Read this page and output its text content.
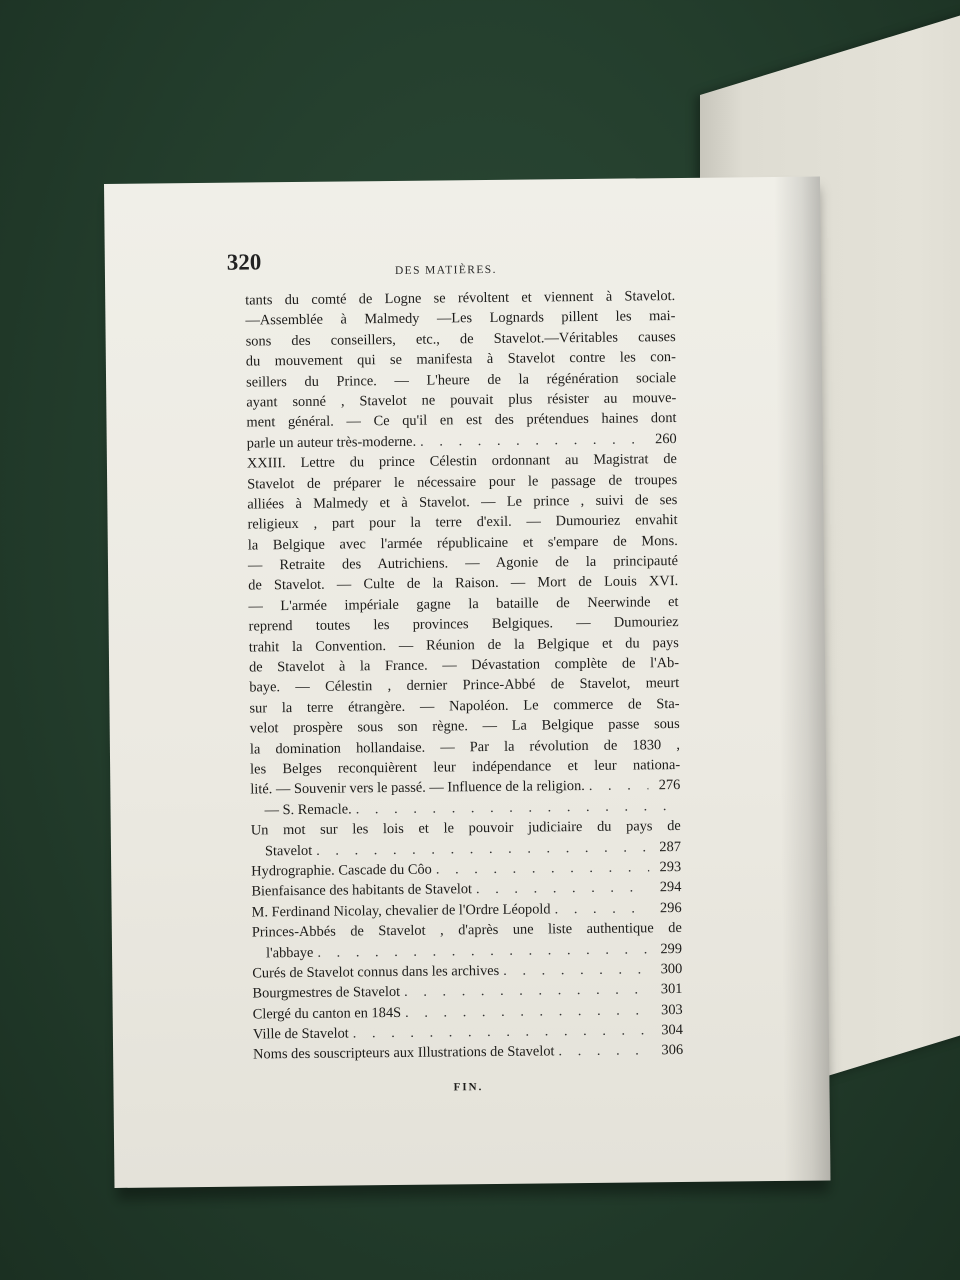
320	DES MATIÈRES.
tants du comté de Logne se révoltent et viennent à Stavelot.
—Assemblée à Malmedy —Les Lognards pillent les mai-
sons des conseillers, etc., de Stavelot.—Véritables causes
du mouvement qui se manifesta à Stavelot contre les con-
seillers du Prince. — L'heure de la régénération sociale
ayant sonné , Stavelot ne pouvait plus résister au mouve-
ment général. — Ce qu'il en est des prétendues haines dont
parle un auteur très-moderne. . . .	260
XXIII. Lettre du prince Célestin ordonnant au Magistrat de
Stavelot de préparer le nécessaire pour le passage de troupes
alliées à Malmedy et à Stavelot. — Le prince , suivi de ses
religieux , part pour la terre d'exil. — Dumouriez envahit
la Belgique avec l'armée républicaine et s'empare de Mons.
— Retraite des Autrichiens. — Agonie de la principauté
de Stavelot. — Culte de la Raison. — Mort de Louis XVI.
— L'armée impériale gagne la bataille de Neerwinde et
reprend toutes les provinces Belgiques. — Dumouriez
trahit la Convention. — Réunion de la Belgique et du pays
de Stavelot à la France. — Dévastation complète de l'Ab-
baye. — Célestin , dernier Prince-Abbé de Stavelot, meurt
sur la terre étrangère. — Napoléon. Le commerce de Sta-
velot prospère sous son règne. — La Belgique passe sous
la domination hollandaise. — Par la révolution de 1830 ,
les Belges reconquièrent leur indépendance et leur nationa-
lité. — Souvenir vers le passé. — Influence de la religion. . . .	276
— S. Remacle.
. . .
Un mot sur les lois et le pouvoir judiciaire du pays de
Stavelot . . .	287
Hydrographie. Cascade du Côo . . .	293
Bienfaisance des habitants de Stavelot . . .	294
M. Ferdinand Nicolay, chevalier de l'Ordre Léopold . . .	296
Princes-Abbés de Stavelot , d'après une liste authentique de
l'abbaye . . .	299
Curés de Stavelot connus dans les archives . . .	300
Bourgmestres de Stavelot . . .	301
Clergé du canton en 184S . . .	303
Ville de Stavelot . . .	304
Noms des souscripteurs aux Illustrations de Stavelot . . .	306
FIN.
